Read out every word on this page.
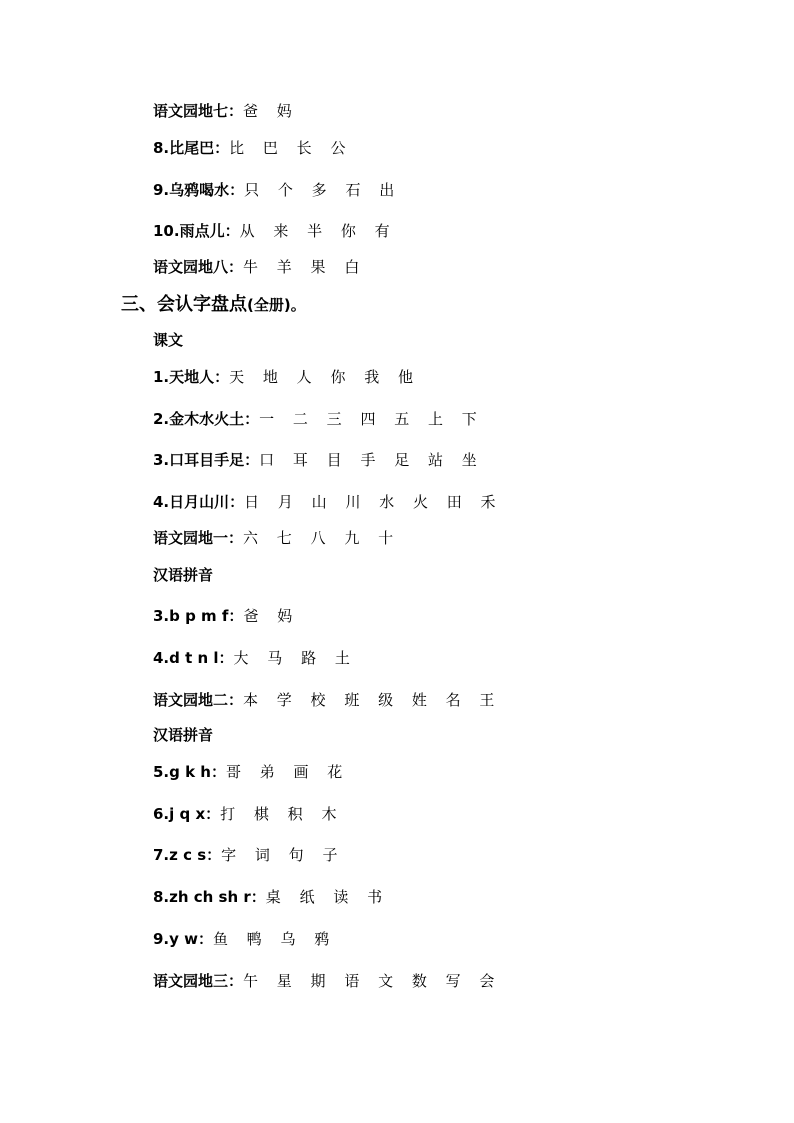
语文园地七：爸 妈
8.比尾巴：比 巴 长 公
9.乌鸦喝水：只 个 多 石 出
10.雨点儿：从 来 半 你 有
语文园地八：牛 羊 果 白
三、会认字盘点(全册)。
课文
1.天地人：天 地 人 你 我 他
2.金木水火土：一 二 三 四 五 上 下
3.口耳目手足：口 耳 目 手 足 站 坐
4.日月山川：日 月 山 川 水 火 田 禾
语文园地一：六 七 八 九 十
汉语拼音
3.b p m f：爸 妈
4.d t n l：大 马 路 土
语文园地二：本 学 校 班 级 姓 名 王
汉语拼音
5.g k h：哥 弟 画 花
6.j q x：打 棋 积 木
7.z c s：字 词 句 子
8.zh ch sh r：桌 纸 读 书
9.y w：鱼 鸭 乌 鸦
语文园地三：午 星 期 语 文 数 写 会
